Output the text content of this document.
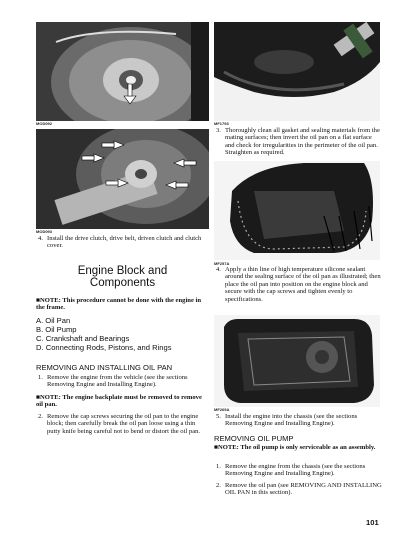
MOD092
MOD093
4. Install the drive clutch, drive belt, driven clutch and clutch cover.
Engine Block and
Components
■NOTE: This procedure cannot be done with the engine in the frame.
A. Oil Pan
B. Oil Pump
C. Crankshaft and Bearings
D. Connecting Rods, Pistons, and Rings
REMOVING AND INSTALLING OIL PAN
1. Remove the engine from the vehicle (see the sections Removing Engine and Installing Engine).
■NOTE: The engine backplate must be removed to remove oil pan.
2. Remove the cap screws securing the oil pan to the engine block; then carefully break the oil pan loose using a thin putty knife being careful not to bend or distort the oil pan.
MF1793
3. Thoroughly clean all gasket and sealing materials from the mating surfaces; then invert the oil pan on a flat surface and check for irregularities in the perimeter of the oil pan. Straighten as required.
MF257A
4. Apply a thin line of high temperature silicone sealant around the sealing surface of the oil pan as illustrated; then place the oil pan into position on the engine block and secure with the cap screws and tighten evenly to specifications.
MF269A
5. Install the engine into the chassis (see the sections Removing Engine and Installing Engine).
REMOVING OIL PUMP
■NOTE: The oil pump is only serviceable as an assembly.
1. Remove the engine from the chassis (see the sections Removing Engine and Installing Engine).
2. Remove the oil pan (see REMOVING AND INSTALLING OIL PAN in this section).
101
